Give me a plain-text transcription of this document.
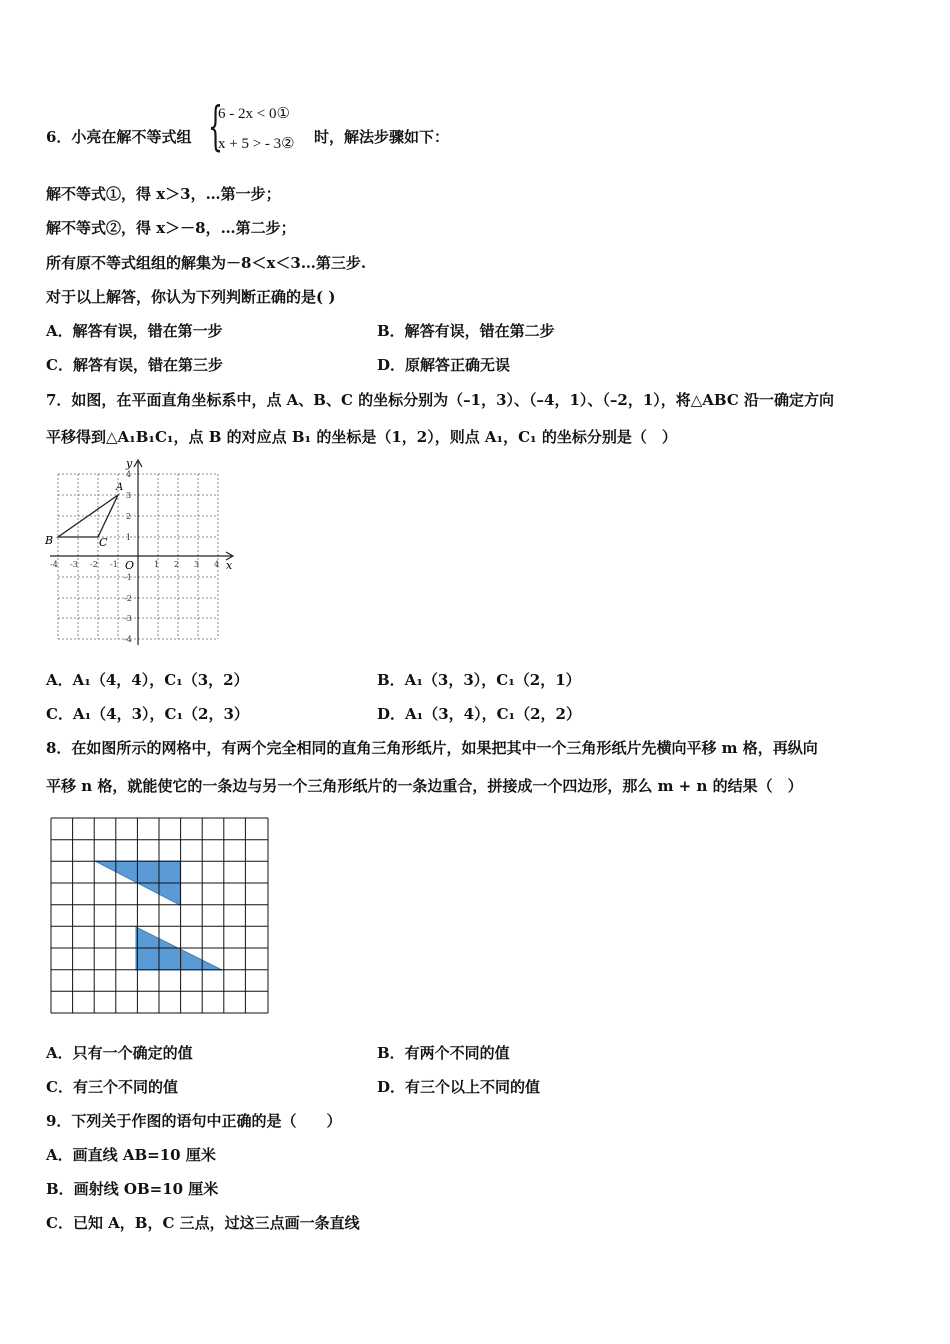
6．小亮在解不等式组 {
6 - 2x < 0①
x + 5 > - 3② 时，解法步骤如下：
解不等式①，得 x＞3，…第一步；
解不等式②，得 x＞－8，…第二步；
所有原不等式组组的解集为－8＜x＜3…第三步.
对于以上解答，你认为下列判断正确的是( )
A．解答有误，错在第一步	B．解答有误，错在第二步
C．解答有误，错在第三步	D．原解答正确无误
7．如图，在平面直角坐标系中，点 A、B、C 的坐标分别为（–1，3）、（–4，1）、（–2，1），将△ABC 沿一确定方向
平移得到△A₁B₁C₁，点 B 的对应点 B₁ 的坐标是（1，2），则点 A₁，C₁ 的坐标分别是（　）
x
y
O
A
B	C
-4 -3 -2 -1	1 2 3 4
4
3
2
1
-1
-2
-3
-4
A．A₁（4，4），C₁（3，2）	B．A₁（3，3），C₁（2，1）
C．A₁（4，3），C₁（2，3）	D．A₁（3，4），C₁（2，2）
8．在如图所示的网格中，有两个完全相同的直角三角形纸片，如果把其中一个三角形纸片先横向平移 m 格，再纵向
平移 n 格，就能使它的一条边与另一个三角形纸片的一条边重合，拼接成一个四边形，那么 m + n 的结果（　）
A．只有一个确定的值	B．有两个不同的值
C．有三个不同的值	D．有三个以上不同的值
9．下列关于作图的语句中正确的是（　　）
A．画直线 AB=10 厘米
B．画射线 OB=10 厘米
C．已知 A，B，C 三点，过这三点画一条直线
